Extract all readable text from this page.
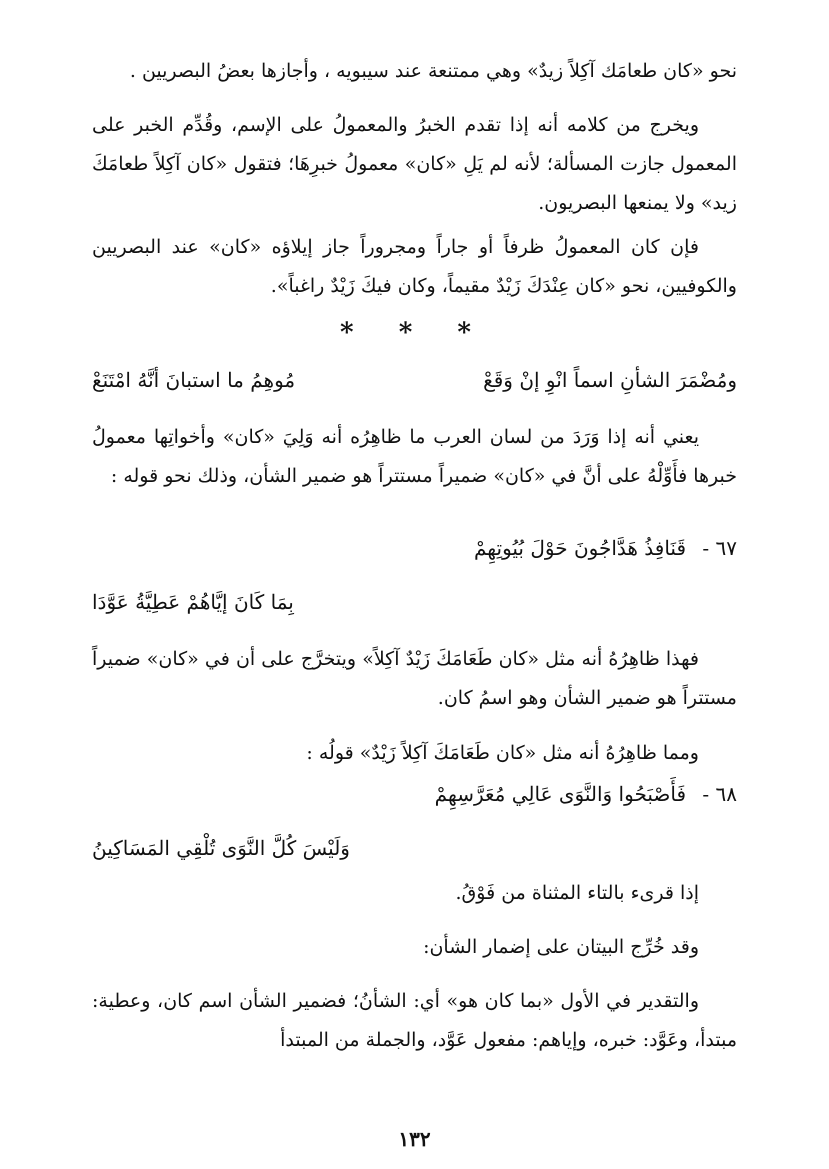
نحو «كان طعامَك آكِلاً زيدٌ» وهي ممتنعة عند سيبويه ، وأجازها بعضُ البصريين .

ويخرج من كلامه أنه إذا تقدم الخبرُ والمعمولُ على الإسم، وقُدِّم الخبر على المعمول جازت المسألة؛ لأنه لم يَلِ «كان» معمولُ خبرِهَا؛ فتقول «كان آكِلاً طعامَكَ زيد» ولا يمنعها البصريون.

فإن كان المعمولُ ظرفاً أو جاراً ومجروراً جاز إيلاؤه «كان» عند البصريين والكوفيين، نحو «كان عِنْدَكَ زَيْدٌ مقيماً، وكان فيكَ زَيْدٌ راغباً».

* * *
ومُضْمَرَ الشأنِ اسماً انْوِ إنْ وَقَعْ
مُوهِمُ ما استبانَ أنَّهُ امْتَنَعْ

يعني أنه إذا وَرَدَ من لسان العرب ما ظاهِرُه أنه وَلِيَ «كان» وأخواتِها معمولُ خبرها فأَوِّلْهُ على أنَّ في «كان» ضميراً مستتراً هو ضمير الشأن، وذلك نحو قوله :

٦٧ - قَنَافِذُ هَدَّاجُونَ حَوْلَ بُيُوتِهِمْ
بِمَا كَانَ إيَّاهُمْ عَطِيَّةُ عَوَّدَا

فهذا ظاهِرُهُ أنه مثل «كان طَعَامَكَ زَيْدٌ آكِلاً» ويتخرَّج على أن في «كان» ضميراً مستتراً هو ضمير الشأن وهو اسمُ كان.

ومما ظاهِرُهُ أنه مثل «كان طَعَامَكَ آكِلاً زَيْدٌ» قولُه :

٦٨ - فَأَصْبَحُوا وَالنَّوَى عَالِي مُعَرَّسِهِمْ
وَلَيْسَ كُلَّ النَّوَى تُلْقِي المَسَاكِينُ

إذا قرىء بالتاء المثناة من فَوْقُ.

وقد خُرِّج البيتان على إضمار الشأن:

والتقدير في الأول «بما كان هو» أي: الشأنُ؛ فضمير الشأن اسم كان، وعطية: مبتدأ، وعَوَّد: خبره، وإياهم: مفعول عَوَّد، والجملة من المبتدأ

١٣٢
